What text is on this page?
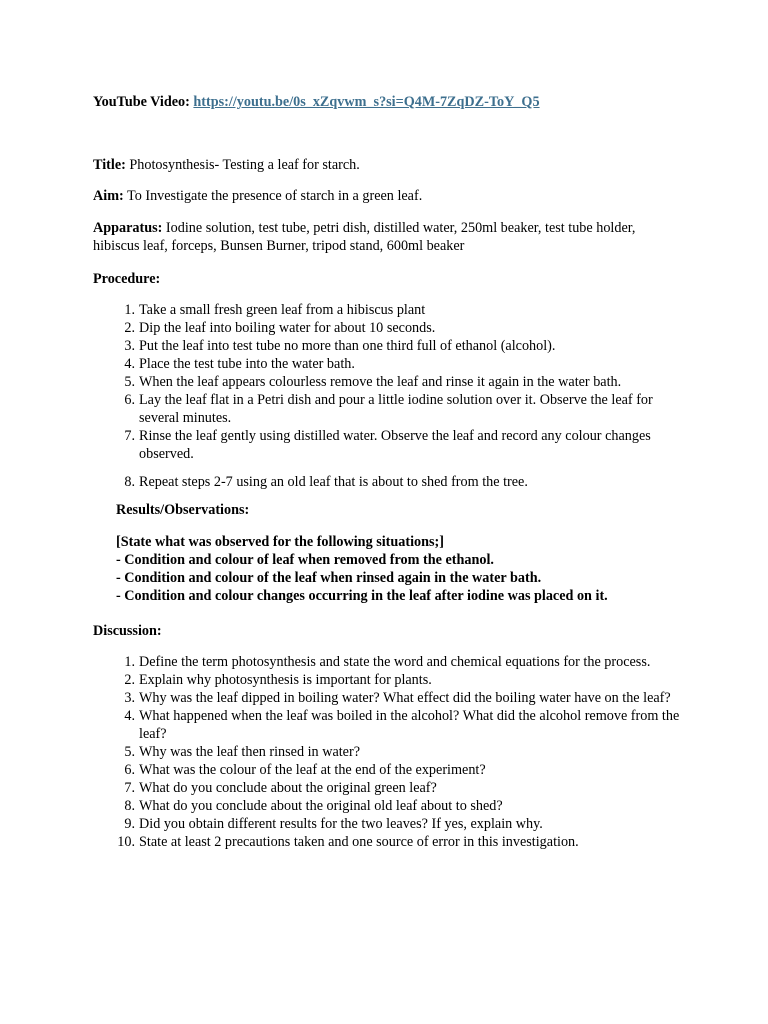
YouTube Video: https://youtu.be/0s_xZqvwm_s?si=Q4M-7ZqDZ-ToY_Q5

Title: Photosynthesis- Testing a leaf for starch.

Aim: To Investigate the presence of starch in a green leaf.

Apparatus: Iodine solution, test tube, petri dish, distilled water, 250ml beaker, test tube holder, hibiscus leaf, forceps, Bunsen Burner, tripod stand, 600ml beaker

Procedure:

1. Take a small fresh green leaf from a hibiscus plant
2. Dip the leaf into boiling water for about 10 seconds.
3. Put the leaf into test tube no more than one third full of ethanol (alcohol).
4. Place the test tube into the water bath.
5. When the leaf appears colourless remove the leaf and rinse it again in the water bath.
6. Lay the leaf flat in a Petri dish and pour a little iodine solution over it. Observe the leaf for several minutes.
7. Rinse the leaf gently using distilled water. Observe the leaf and record any colour changes observed.
8. Repeat steps 2-7 using an old leaf that is about to shed from the tree.

Results/Observations:

[State what was observed for the following situations;]
- Condition and colour of leaf when removed from the ethanol.
- Condition and colour of the leaf when rinsed again in the water bath.
- Condition and colour changes occurring in the leaf after iodine was placed on it.

Discussion:

1. Define the term photosynthesis and state the word and chemical equations for the process.
2. Explain why photosynthesis is important for plants.
3. Why was the leaf dipped in boiling water? What effect did the boiling water have on the leaf?
4. What happened when the leaf was boiled in the alcohol? What did the alcohol remove from the leaf?
5. Why was the leaf then rinsed in water?
6. What was the colour of the leaf at the end of the experiment?
7. What do you conclude about the original green leaf?
8. What do you conclude about the original old leaf about to shed?
9. Did you obtain different results for the two leaves? If yes, explain why.
10. State at least 2 precautions taken and one source of error in this investigation.
